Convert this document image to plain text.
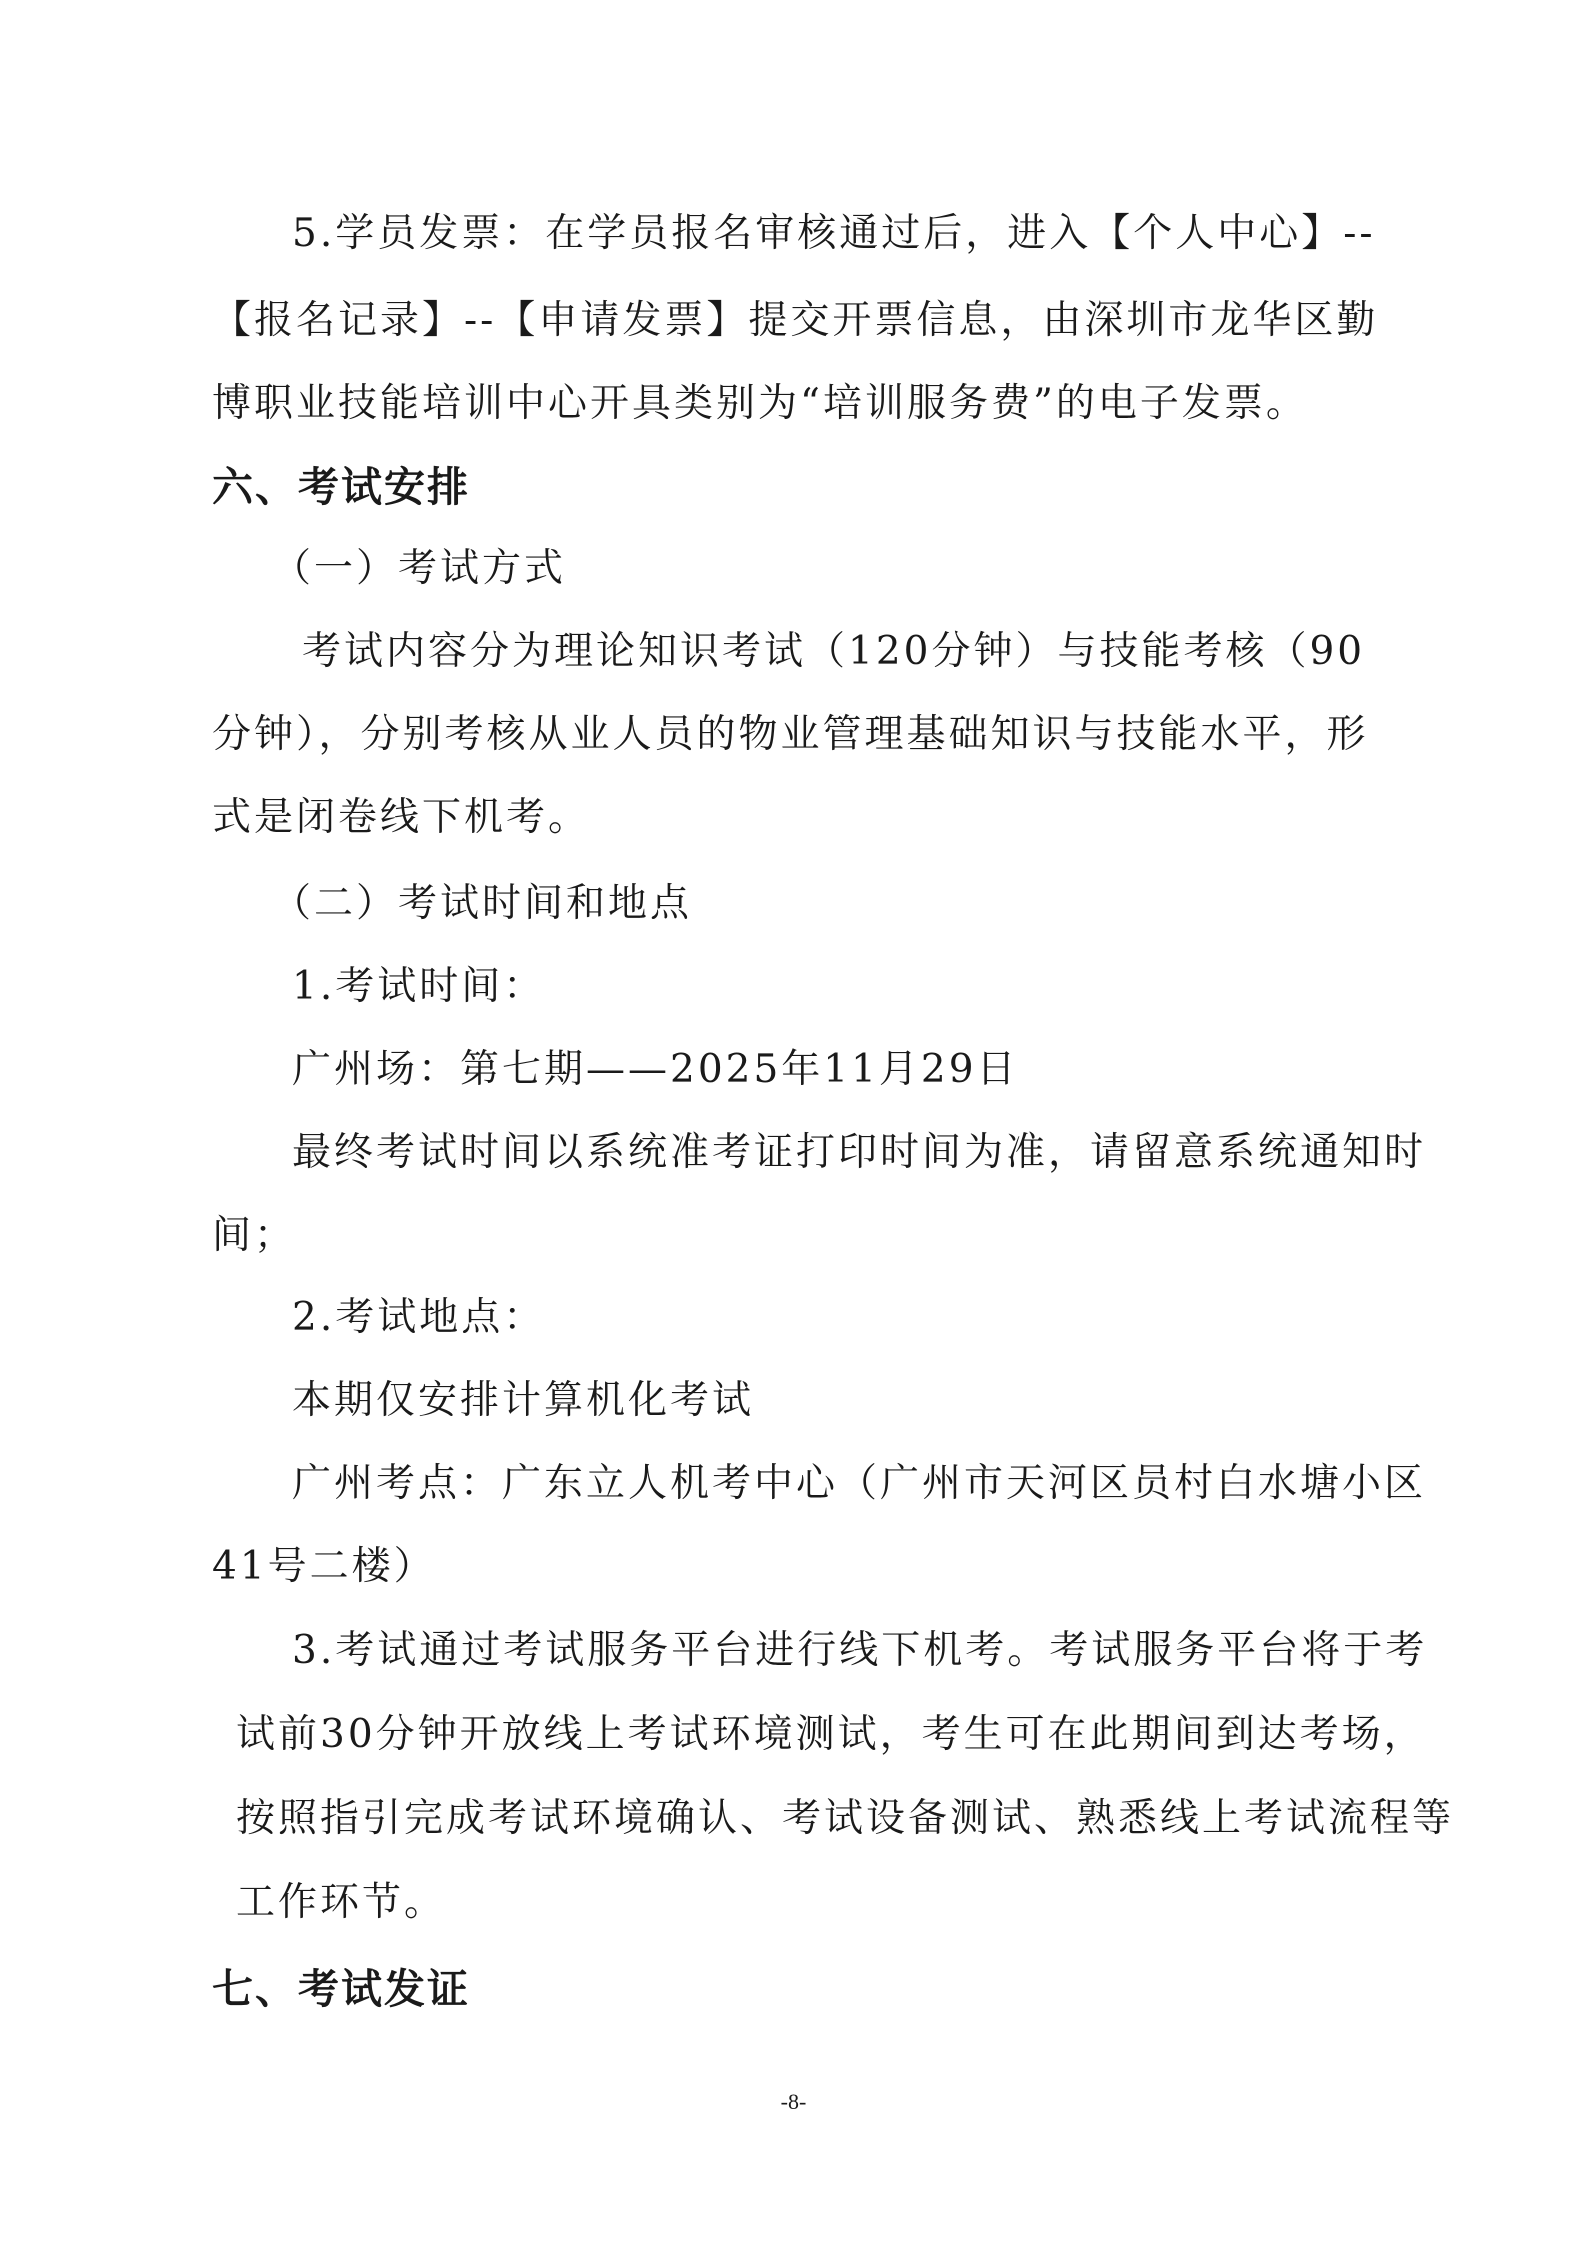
5.学员发票：在学员报名审核通过后，进入【个人中心】--
【报名记录】--【申请发票】提交开票信息，由深圳市龙华区勤
博职业技能培训中心开具类别为“培训服务费”的电子发票。
六、考试安排
（一）考试方式
考试内容分为理论知识考试（120分钟）与技能考核（90
分钟），分别考核从业人员的物业管理基础知识与技能水平，形
式是闭卷线下机考。
（二）考试时间和地点
1.考试时间：
广州场：第七期——2025年11月29日
最终考试时间以系统准考证打印时间为准，请留意系统通知时
间；
2.考试地点：
本期仅安排计算机化考试
广州考点：广东立人机考中心（广州市天河区员村白水塘小区
41号二楼）
3.考试通过考试服务平台进行线下机考。考试服务平台将于考
试前30分钟开放线上考试环境测试，考生可在此期间到达考场，
按照指引完成考试环境确认、考试设备测试、熟悉线上考试流程等
工作环节。
七、考试发证
-8-
